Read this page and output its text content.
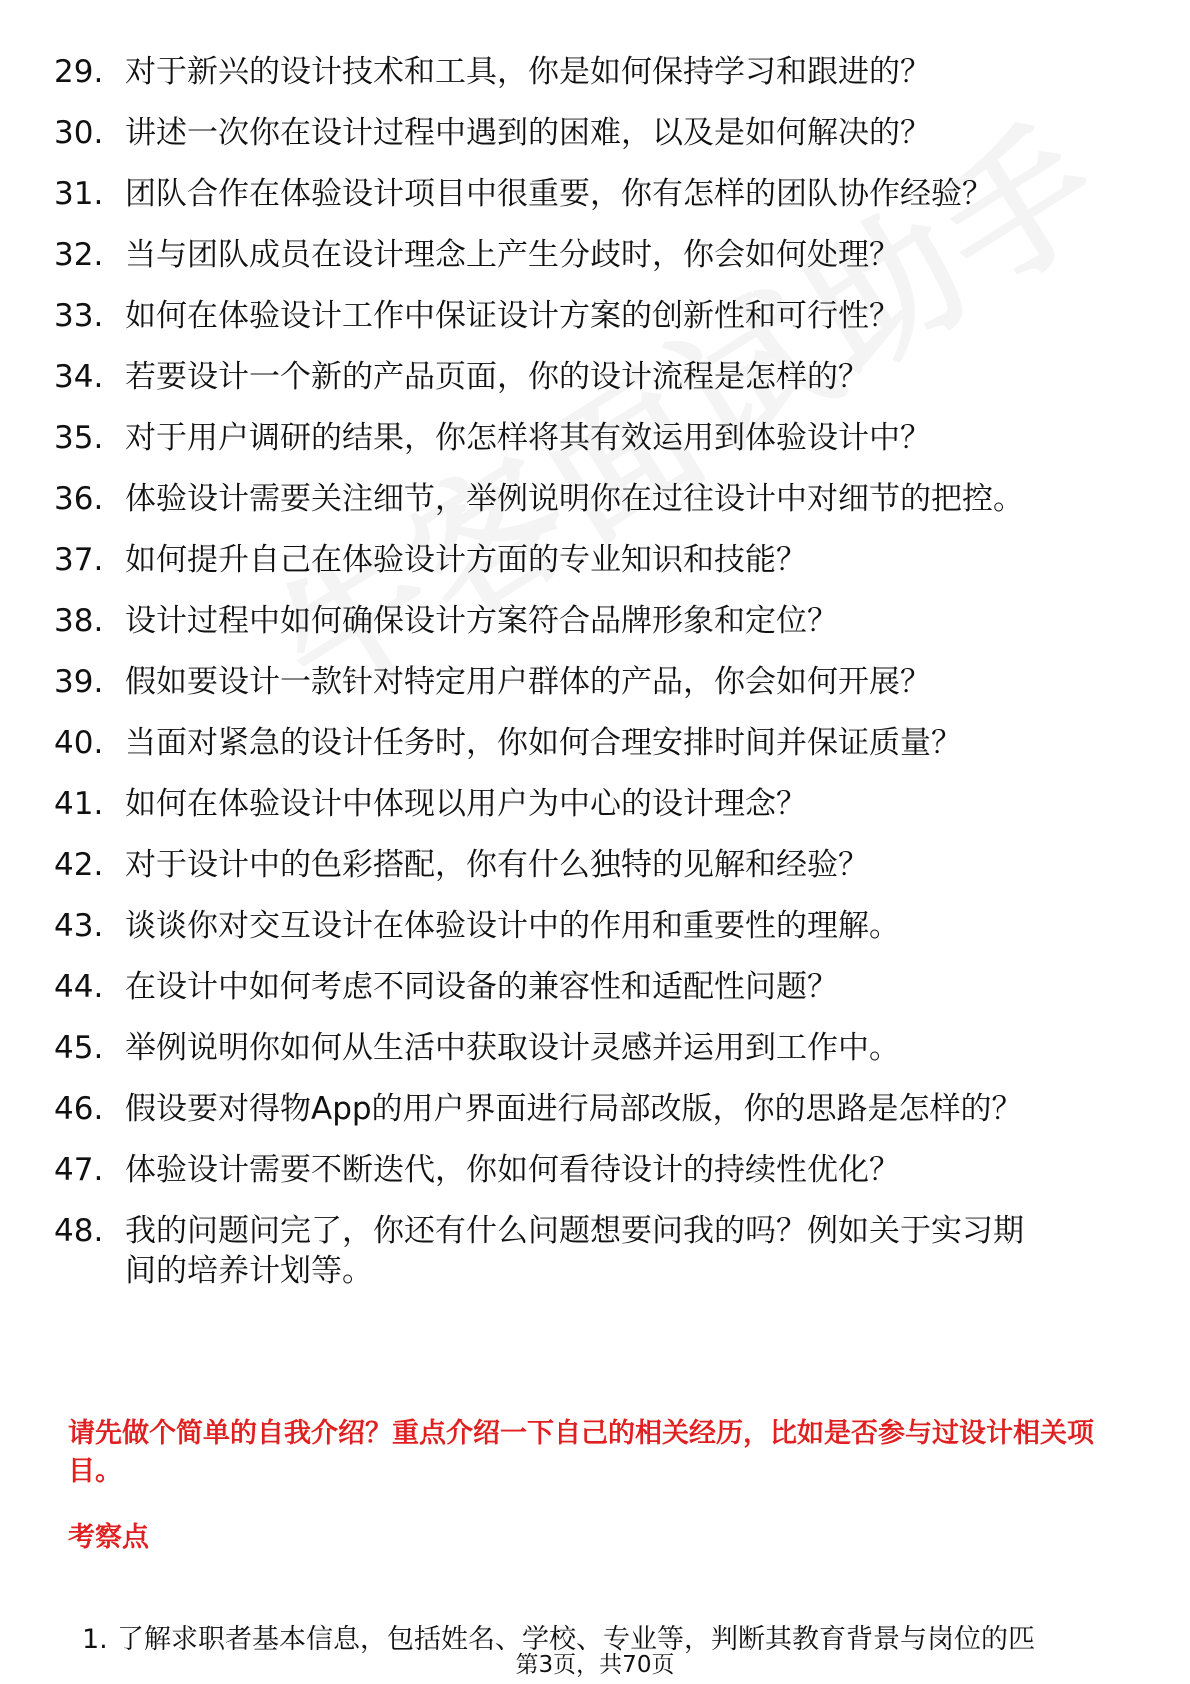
29. 对于新兴的设计技术和工具，你是如何保持学习和跟进的？
30. 讲述一次你在设计过程中遇到的困难，以及是如何解决的？
31. 团队合作在体验设计项目中很重要，你有怎样的团队协作经验？
32. 当与团队成员在设计理念上产生分歧时，你会如何处理？
33. 如何在体验设计工作中保证设计方案的创新性和可行性？
34. 若要设计一个新的产品页面，你的设计流程是怎样的？
35. 对于用户调研的结果，你怎样将其有效运用到体验设计中？
36. 体验设计需要关注细节，举例说明你在过往设计中对细节的把控。
37. 如何提升自己在体验设计方面的专业知识和技能？
38. 设计过程中如何确保设计方案符合品牌形象和定位？
39. 假如要设计一款针对特定用户群体的产品，你会如何开展？
40. 当面对紧急的设计任务时，你如何合理安排时间并保证质量？
41. 如何在体验设计中体现以用户为中心的设计理念？
42. 对于设计中的色彩搭配，你有什么独特的见解和经验？
43. 谈谈你对交互设计在体验设计中的作用和重要性的理解。
44. 在设计中如何考虑不同设备的兼容性和适配性问题？
45. 举例说明你如何从生活中获取设计灵感并运用到工作中。
46. 假设要对得物App的用户界面进行局部改版，你的思路是怎样的？
47. 体验设计需要不断迭代，你如何看待设计的持续性优化？
48. 我的问题问完了，你还有什么问题想要问我的吗？例如关于实习期间的培养计划等。

请先做个简单的自我介绍？重点介绍一下自己的相关经历，比如是否参与过设计相关项目。

考察点

1. 了解求职者基本信息，包括姓名、学校、专业等，判断其教育背景与岗位的匹
第3页，共70页
